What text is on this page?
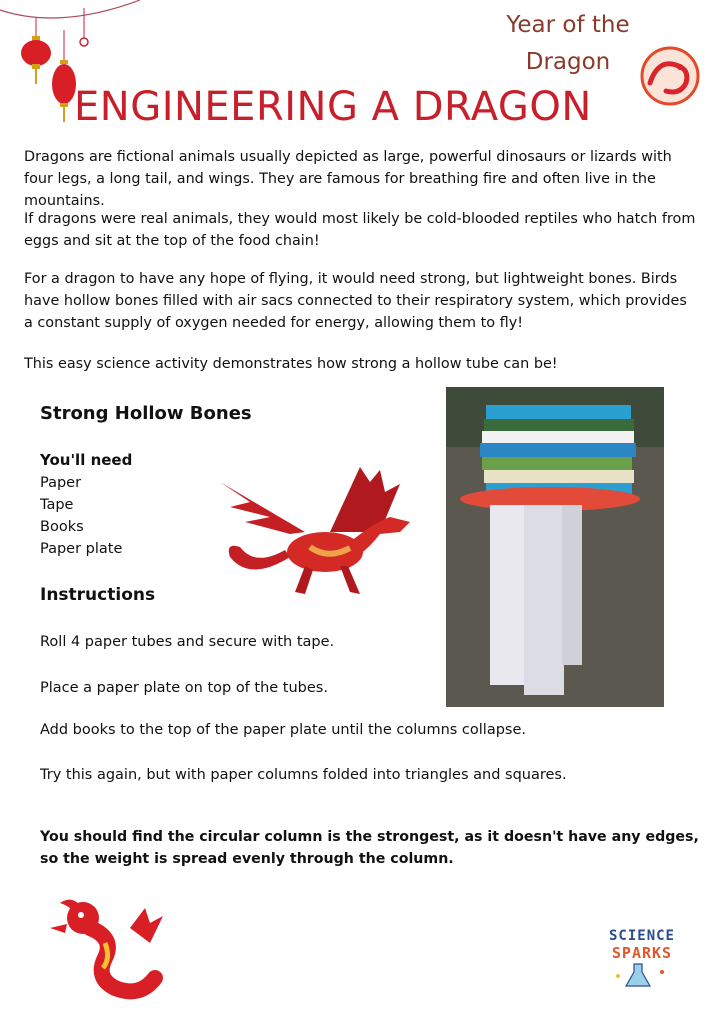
Year of the
Dragon
ENGINEERING A DRAGON

Dragons are fictional animals usually depicted as large, powerful dinosaurs or lizards with four legs, a long tail, and wings. They are famous for breathing fire and often live in the mountains.

If dragons were real animals, they would most likely be cold-blooded reptiles who hatch from eggs and sit at the top of the food chain!

For a dragon to have any hope of flying, it would need strong, but lightweight bones. Birds have hollow bones filled with air sacs connected to their respiratory system, which provides a constant supply of oxygen needed for energy, allowing them to fly!

This easy science activity demonstrates how strong a hollow tube can be!

Strong Hollow Bones
You'll need
Paper
Tape
Books
Paper plate
Instructions
Roll 4 paper tubes and secure with tape.
Place a paper plate on top of the tubes.
Add books to the top of the paper plate until the columns collapse.
Try this again, but with paper columns folded into triangles and squares.
You should find the circular column is the strongest, as it doesn't have any edges, so the weight is spread evenly through the column.
SCIENCE
SPARKS
